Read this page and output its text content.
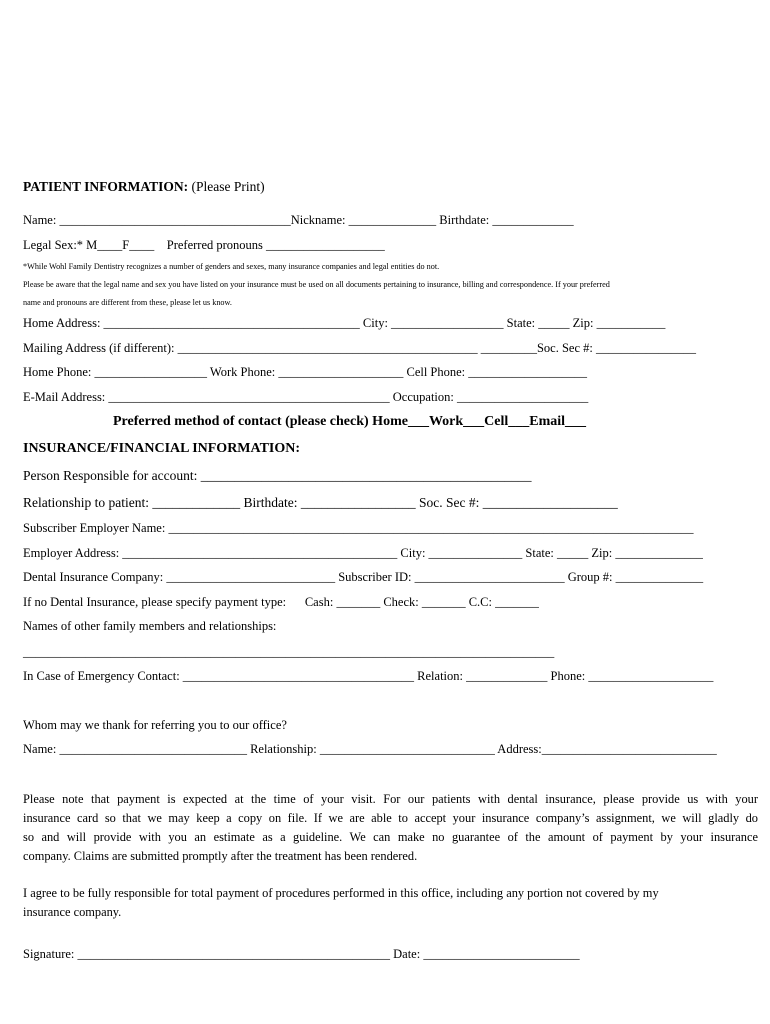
PATIENT INFORMATION: (Please Print)
Name: _____________________________________Nickname: ______________ Birthdate: _____________
Legal Sex:* M____F____    Preferred pronouns ___________________
*While Wohl Family Dentistry recognizes a number of genders and sexes, many insurance companies and legal entities do not.
Please be aware that the legal name and sex you have listed on your insurance must be used on all documents pertaining to insurance, billing and correspondence. If your preferred
name and pronouns are different from these, please let us know.
Home Address: _________________________________________ City: __________________ State: _____ Zip: ___________
Mailing Address (if different): ________________________________________________ _________Soc. Sec #: ________________
Home Phone: __________________ Work Phone: ____________________ Cell Phone: ___________________
E-Mail Address: _____________________________________________ Occupation: _____________________
Preferred method of contact (please check) Home___Work___Cell___Email___
INSURANCE/FINANCIAL INFORMATION:
Person Responsible for account: _________________________________________________
Relationship to patient: _____________ Birthdate: _________________ Soc. Sec #: ____________________
Subscriber Employer Name: ____________________________________________________________________________________
Employer Address: ____________________________________________ City: _______________ State: _____ Zip: ______________
Dental Insurance Company: ___________________________ Subscriber ID: ________________________ Group #: ______________
If no Dental Insurance, please specify payment type:      Cash: _______ Check: _______ C.C: _______
Names of other family members and relationships:
_____________________________________________________________________________________
In Case of Emergency Contact: _____________________________________ Relation: _____________ Phone: ____________________
Whom may we thank for referring you to our office?
Name: ______________________________ Relationship: ____________________________ Address:____________________________
Please note that payment is expected at the time of your visit. For our patients with dental insurance, please provide us with your
insurance card so that we may keep a copy on file. If we are able to accept your insurance company’s assignment, we will gladly do
so and will provide with you an estimate as a guideline. We can make no guarantee of the amount of payment by your insurance
company. Claims are submitted promptly after the treatment has been rendered.
I agree to be fully responsible for total payment of procedures performed in this office, including any portion not covered by my
insurance company.
Signature: __________________________________________________ Date: _________________________
